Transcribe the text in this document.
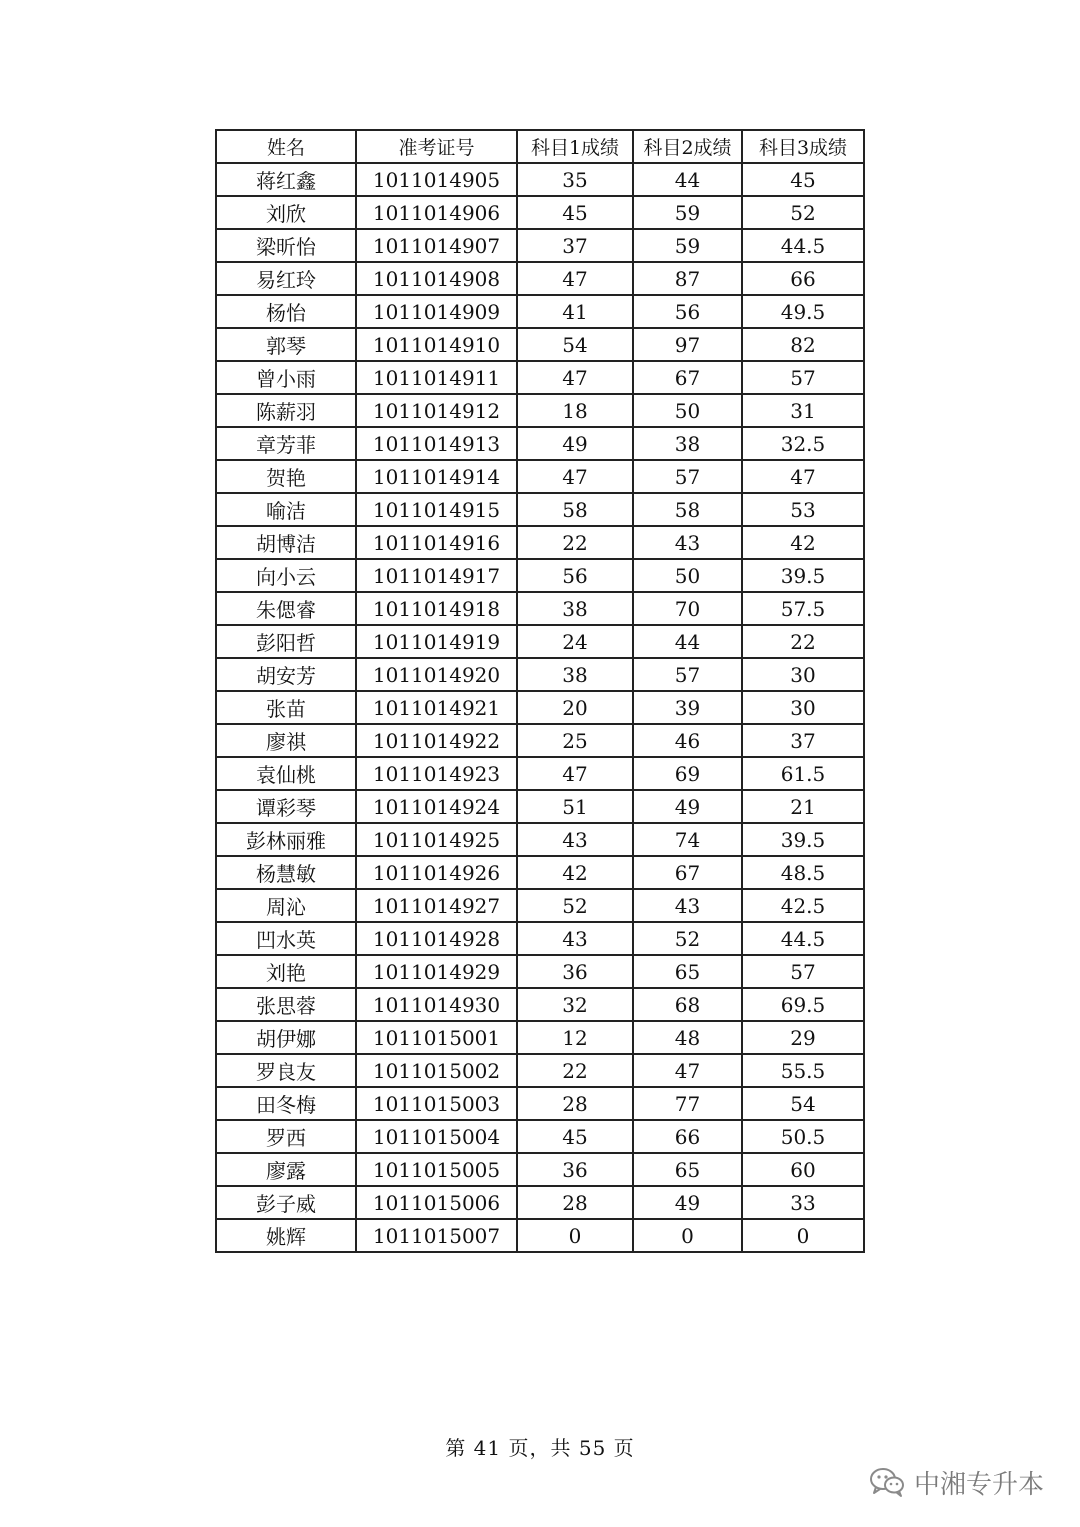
姓名	准考证号	科目1成绩	科目2成绩	科目3成绩
蒋红鑫	1011014905	35	44	45
刘欣	1011014906	45	59	52
梁昕怡	1011014907	37	59	44.5
易红玲	1011014908	47	87	66
杨怡	1011014909	41	56	49.5
郭琴	1011014910	54	97	82
曾小雨	1011014911	47	67	57
陈薪羽	1011014912	18	50	31
章芳菲	1011014913	49	38	32.5
贺艳	1011014914	47	57	47
喻洁	1011014915	58	58	53
胡博洁	1011014916	22	43	42
向小云	1011014917	56	50	39.5
朱偲睿	1011014918	38	70	57.5
彭阳哲	1011014919	24	44	22
胡安芳	1011014920	38	57	30
张苗	1011014921	20	39	30
廖祺	1011014922	25	46	37
袁仙桃	1011014923	47	69	61.5
谭彩琴	1011014924	51	49	21
彭林丽雅	1011014925	43	74	39.5
杨慧敏	1011014926	42	67	48.5
周沁	1011014927	52	43	42.5
凹水英	1011014928	43	52	44.5
刘艳	1011014929	36	65	57
张思蓉	1011014930	32	68	69.5
胡伊娜	1011015001	12	48	29
罗良友	1011015002	22	47	55.5
田冬梅	1011015003	28	77	54
罗西	1011015004	45	66	50.5
廖露	1011015005	36	65	60
彭子威	1011015006	28	49	33
姚辉	1011015007	0	0	0
第 41 页，共 55 页
中湘专升本
